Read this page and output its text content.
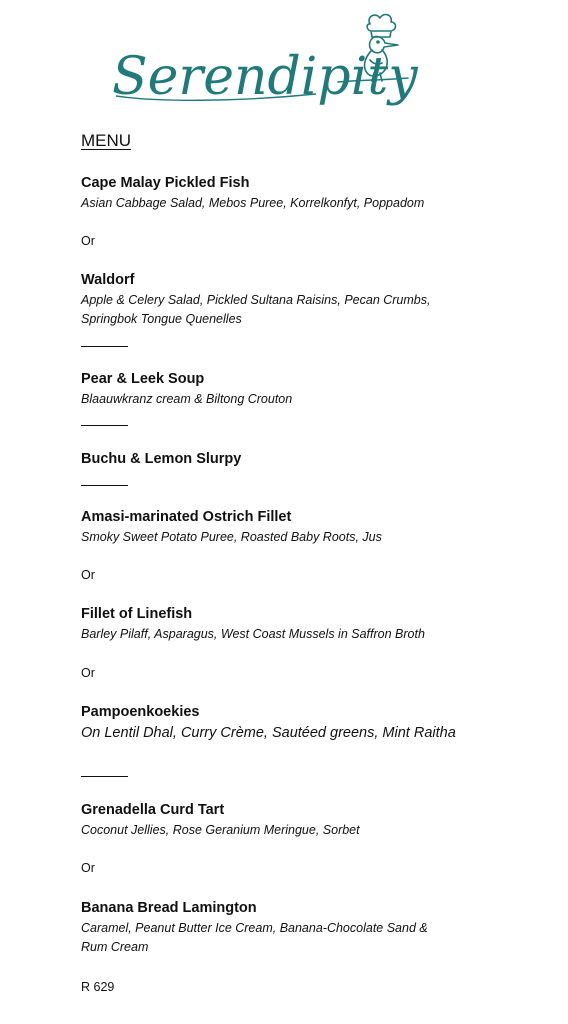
Serendipity
MENU

Cape Malay Pickled Fish

Asian Cabbage Salad, Mebos Puree, Korrelkonfyt, Poppadom

Or

Waldorf

Apple & Celery Salad, Pickled Sultana Raisins, Pecan Crumbs,

Springbok Tongue Quenelles

Pear & Leek Soup

Blaauwkranz cream & Biltong Crouton

Buchu & Lemon Slurpy

Amasi-marinated Ostrich Fillet

Smoky Sweet Potato Puree, Roasted Baby Roots, Jus

Or

Fillet of Linefish

Barley Pilaff, Asparagus, West Coast Mussels in Saffron Broth

Or

Pampoenkoekies

On Lentil Dhal, Curry Crème, Sautéed greens, Mint Raitha

Grenadella Curd Tart

Coconut Jellies, Rose Geranium Meringue, Sorbet

Or

Banana Bread Lamington

Caramel, Peanut Butter Ice Cream, Banana-Chocolate Sand &

Rum Cream

R 629
